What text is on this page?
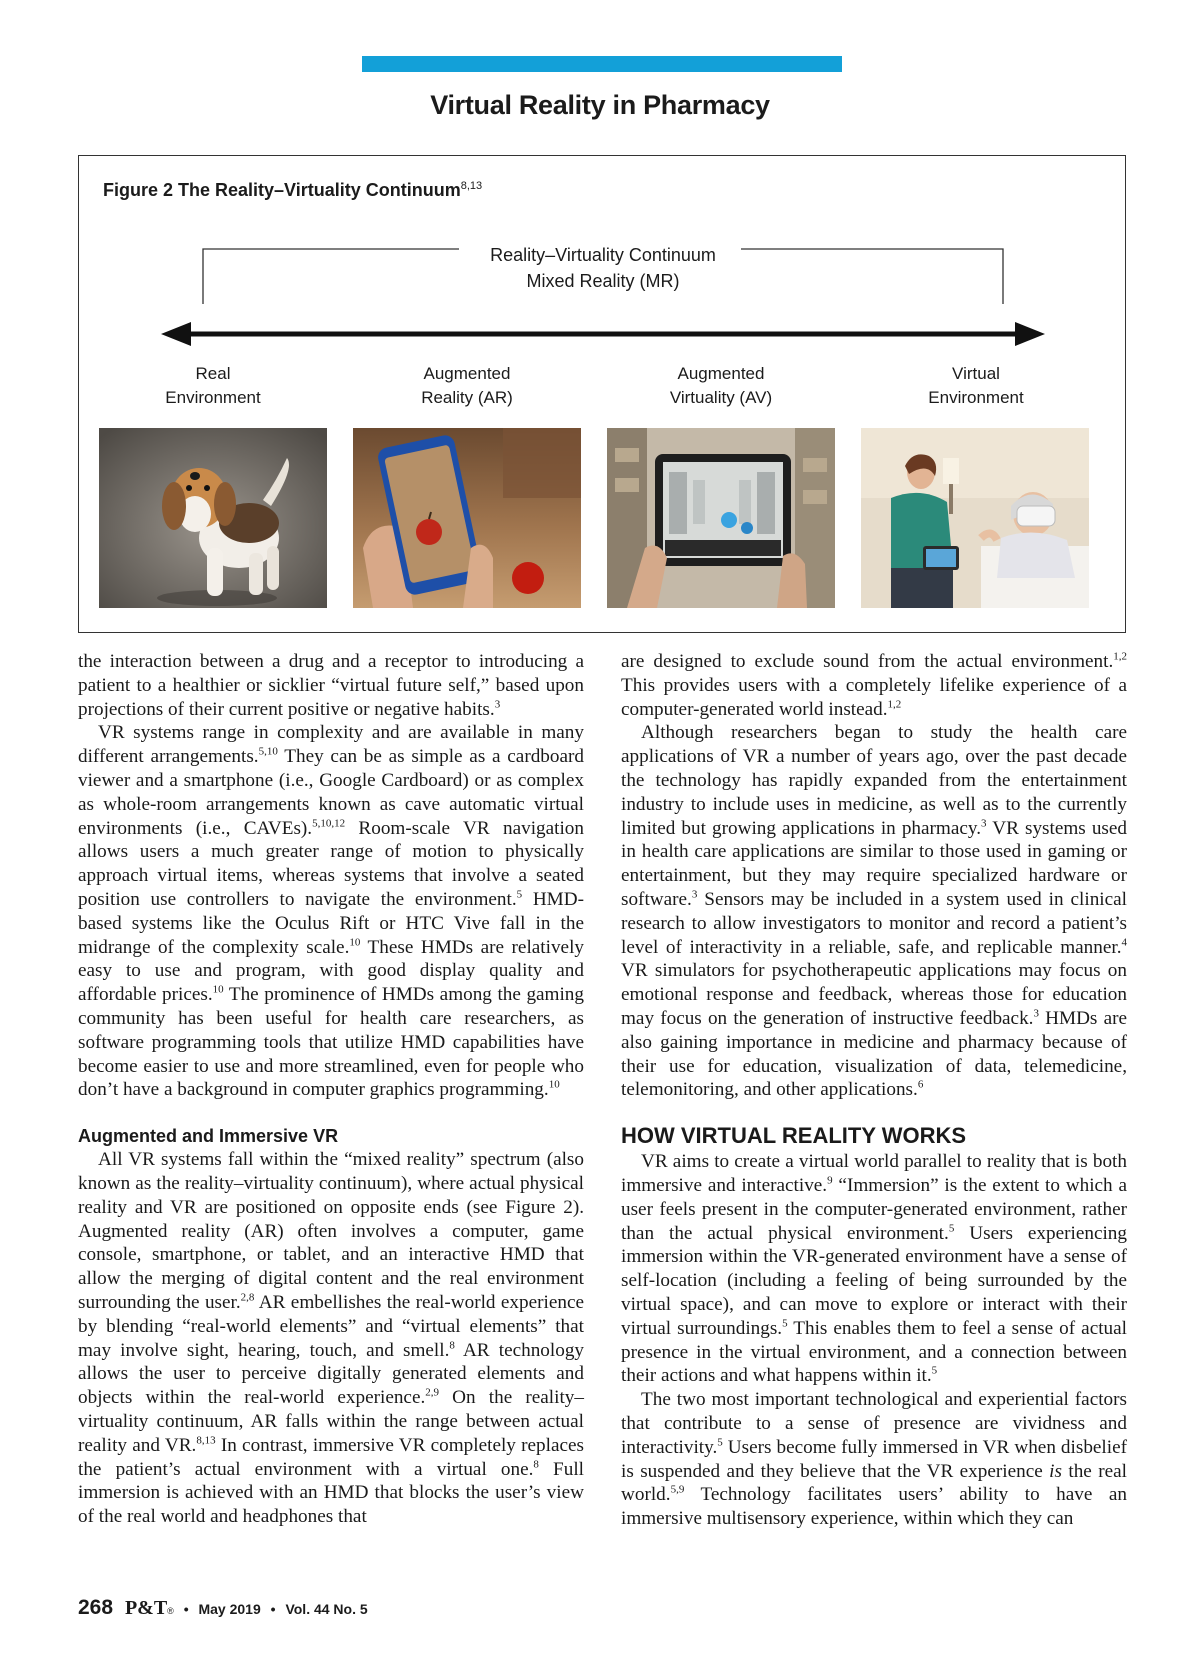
Virtual Reality in Pharmacy
Figure 2 The Reality–Virtuality Continuum$^{8,13}$
Reality–Virtuality Continuum
Mixed Reality (MR)
Real
Environment
Augmented
Reality (AR)
Augmented
Virtuality (AV)
Virtual
Environment

the interaction between a drug and a receptor to introducing a patient to a healthier or sicklier “virtual future self,” based upon projections of their current positive or negative habits.$^3$

VR systems range in complexity and are available in many different arrangements.$^{5,10}$ They can be as simple as a cardboard viewer and a smartphone (i.e., Google Cardboard) or as complex as whole-room arrangements known as cave automatic virtual environments (i.e., CAVEs).$^{5,10,12}$ Room-scale VR navigation allows users a much greater range of motion to physically approach virtual items, whereas systems that involve a seated position use controllers to navigate the environment.$^5$ HMD-based systems like the Oculus Rift or HTC Vive fall in the midrange of the complexity scale.$^{10}$ These HMDs are relatively easy to use and program, with good display quality and affordable prices.$^{10}$ The prominence of HMDs among the gaming community has been useful for health care researchers, as software programming tools that utilize HMD capabilities have become easier to use and more streamlined, even for people who don’t have a background in computer graphics programming.$^{10}$

Augmented and Immersive VR

All VR systems fall within the “mixed reality” spectrum (also known as the reality–virtuality continuum), where actual physical reality and VR are positioned on opposite ends (see Figure 2). Augmented reality (AR) often involves a computer, game console, smartphone, or tablet, and an interactive HMD that allow the merging of digital content and the real environment surrounding the user.$^{2,8}$ AR embellishes the real-world experience by blending “real-world elements” and “virtual elements” that may involve sight, hearing, touch, and smell.$^8$ AR technology allows the user to perceive digitally generated elements and objects within the real-world experience.$^{2,9}$ On the reality–virtuality continuum, AR falls within the range between actual reality and VR.$^{8,13}$ In contrast, immersive VR completely replaces the patient’s actual environment with a virtual one.$^8$ Full immersion is achieved with an HMD that blocks the user’s view of the real world and headphones that

are designed to exclude sound from the actual environment.$^{1,2}$ This provides users with a completely lifelike experience of a computer-generated world instead.$^{1,2}$

Although researchers began to study the health care applications of VR a number of years ago, over the past decade the technology has rapidly expanded from the entertainment industry to include uses in medicine, as well as to the currently limited but growing applications in pharmacy.$^3$ VR systems used in health care applications are similar to those used in gaming or entertainment, but they may require specialized hardware or software.$^3$ Sensors may be included in a system used in clinical research to allow investigators to monitor and record a patient’s level of interactivity in a reliable, safe, and replicable manner.$^4$ VR simulators for psychotherapeutic applications may focus on emotional response and feedback, whereas those for education may focus on the generation of instructive feedback.$^3$ HMDs are also gaining importance in medicine and pharmacy because of their use for education, visualization of data, telemedicine, telemonitoring, and other applications.$^6$

HOW VIRTUAL REALITY WORKS

VR aims to create a virtual world parallel to reality that is both immersive and interactive.$^9$ “Immersion” is the extent to which a user feels present in the computer-generated environment, rather than the actual physical environment.$^5$ Users experiencing immersion within the VR-generated environment have a sense of self-location (including a feeling of being surrounded by the virtual space), and can move to explore or interact with their virtual surroundings.$^5$ This enables them to feel a sense of actual presence in the virtual environment, and a connection between their actions and what happens within it.$^5$

The two most important technological and experiential factors that contribute to a sense of presence are vividness and interactivity.$^5$ Users become fully immersed in VR when disbelief is suspended and they believe that the VR experience is the real world.$^{5,9}$ Technology facilitates users’ ability to have an immersive multisensory experience, within which they can

268 P&T® • May 2019 • Vol. 44 No. 5
